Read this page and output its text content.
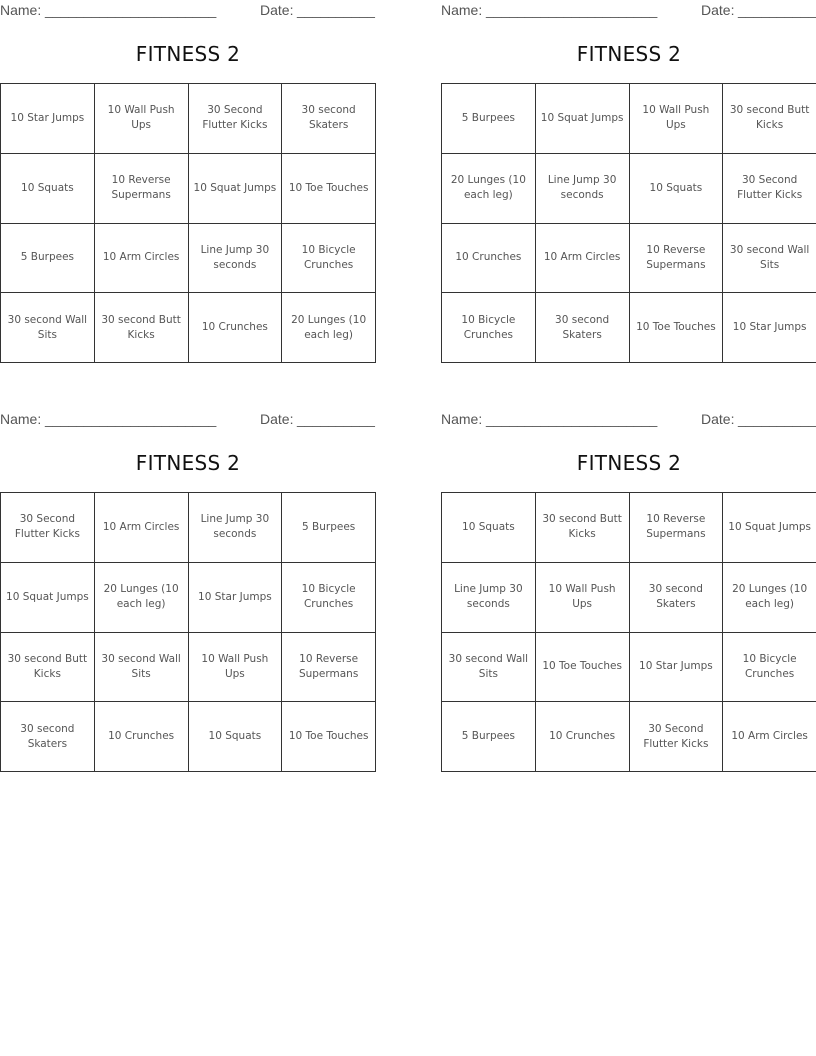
Name: ______________________	Date: __________
FITNESS 2
10 Star Jumps	10 Wall Push Ups	30 Second Flutter Kicks	30 second Skaters
10 Squats	10 Reverse Supermans	10 Squat Jumps	10 Toe Touches
5 Burpees	10 Arm Circles	Line Jump 30 seconds	10 Bicycle Crunches
30 second Wall Sits	30 second Butt Kicks	10 Crunches	20 Lunges (10 each leg)
Name: ______________________	Date: __________
FITNESS 2
5 Burpees	10 Squat Jumps	10 Wall Push Ups	30 second Butt Kicks
20 Lunges (10 each leg)	Line Jump 30 seconds	10 Squats	30 Second Flutter Kicks
10 Crunches	10 Arm Circles	10 Reverse Supermans	30 second Wall Sits
10 Bicycle Crunches	30 second Skaters	10 Toe Touches	10 Star Jumps
Name: ______________________	Date: __________
FITNESS 2
30 Second Flutter Kicks	10 Arm Circles	Line Jump 30 seconds	5 Burpees
10 Squat Jumps	20 Lunges (10 each leg)	10 Star Jumps	10 Bicycle Crunches
30 second Butt Kicks	30 second Wall Sits	10 Wall Push Ups	10 Reverse Supermans
30 second Skaters	10 Crunches	10 Squats	10 Toe Touches
Name: ______________________	Date: __________
FITNESS 2
10 Squats	30 second Butt Kicks	10 Reverse Supermans	10 Squat Jumps
Line Jump 30 seconds	10 Wall Push Ups	30 second Skaters	20 Lunges (10 each leg)
30 second Wall Sits	10 Toe Touches	10 Star Jumps	10 Bicycle Crunches
5 Burpees	10 Crunches	30 Second Flutter Kicks	10 Arm Circles
